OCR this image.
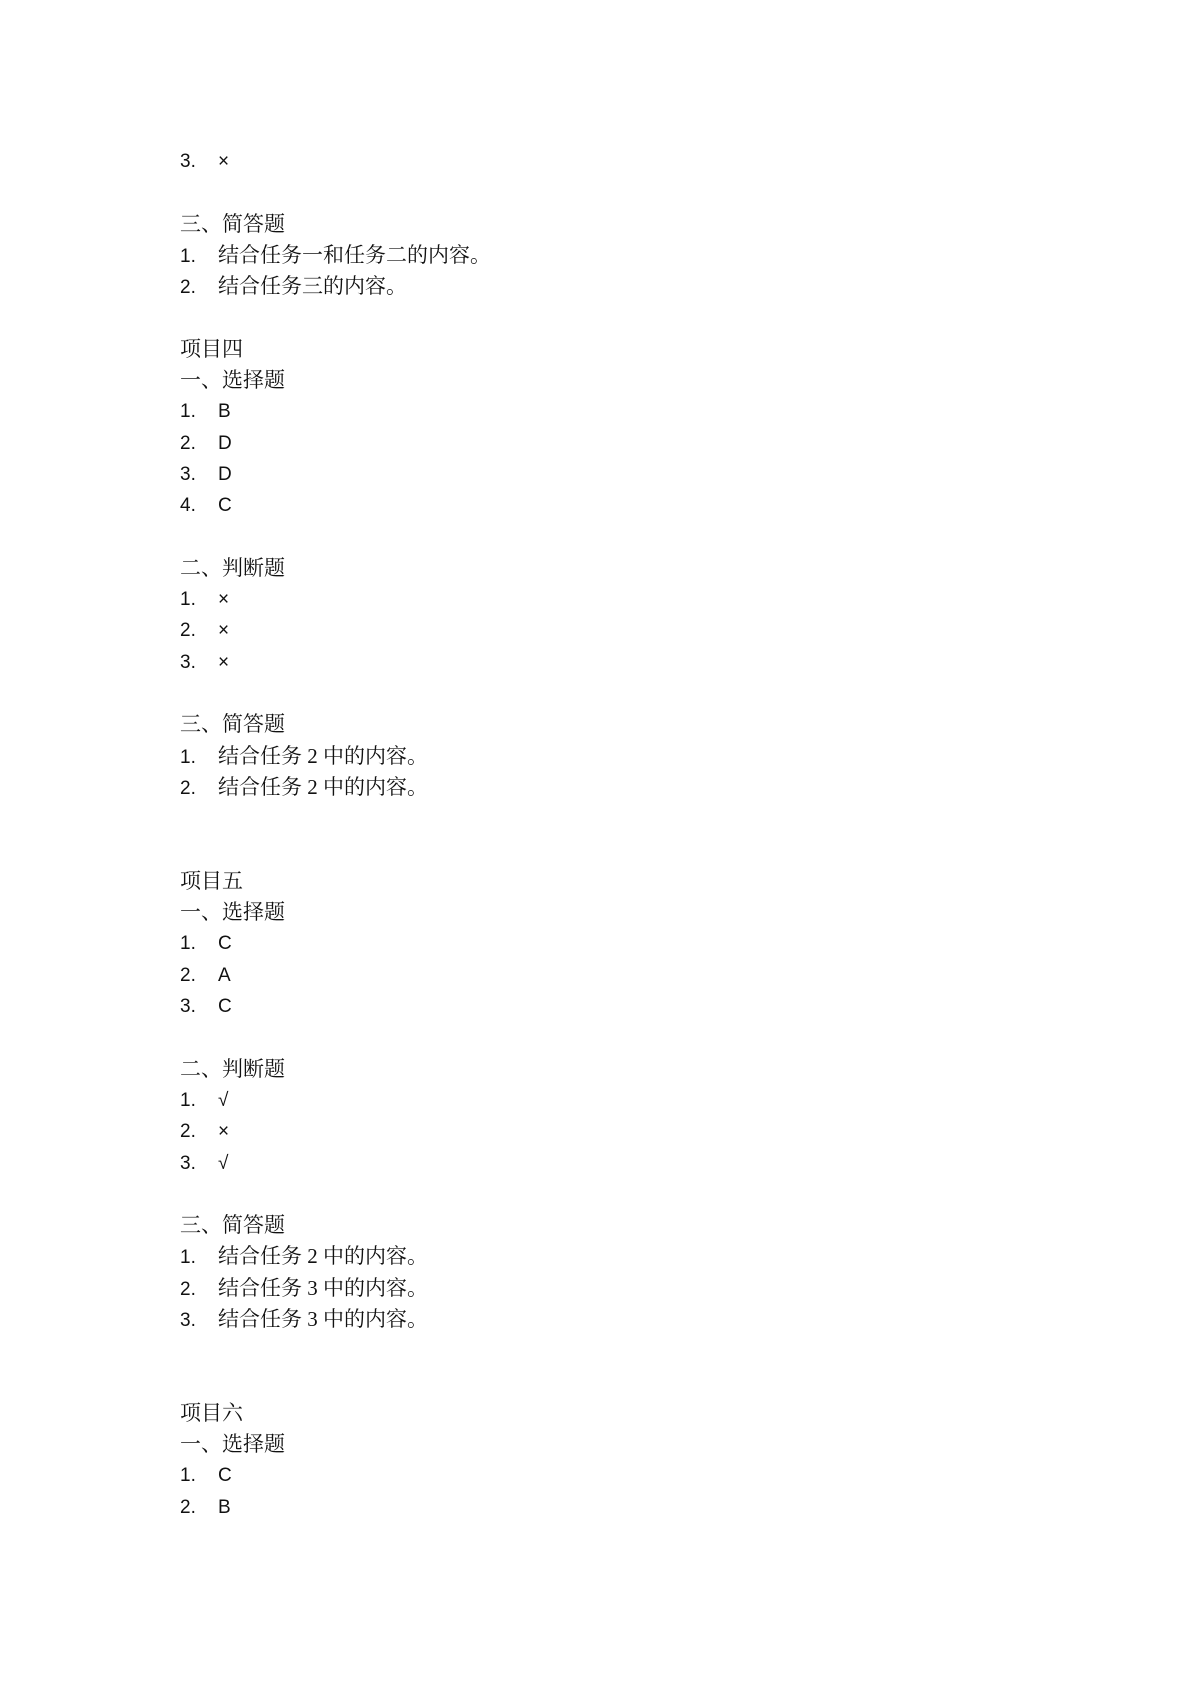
3. ×
三、简答题
1. 结合任务一和任务二的内容。
2. 结合任务三的内容。
项目四
一、选择题
1. B
2. D
3. D
4. C
二、判断题
1. ×
2. ×
3. ×
三、简答题
1. 结合任务 2 中的内容。
2. 结合任务 2 中的内容。
项目五
一、选择题
1. C
2. A
3. C
二、判断题
1. √
2. ×
3. √
三、简答题
1. 结合任务 2 中的内容。
2. 结合任务 3 中的内容。
3. 结合任务 3 中的内容。
项目六
一、选择题
1. C
2. B
